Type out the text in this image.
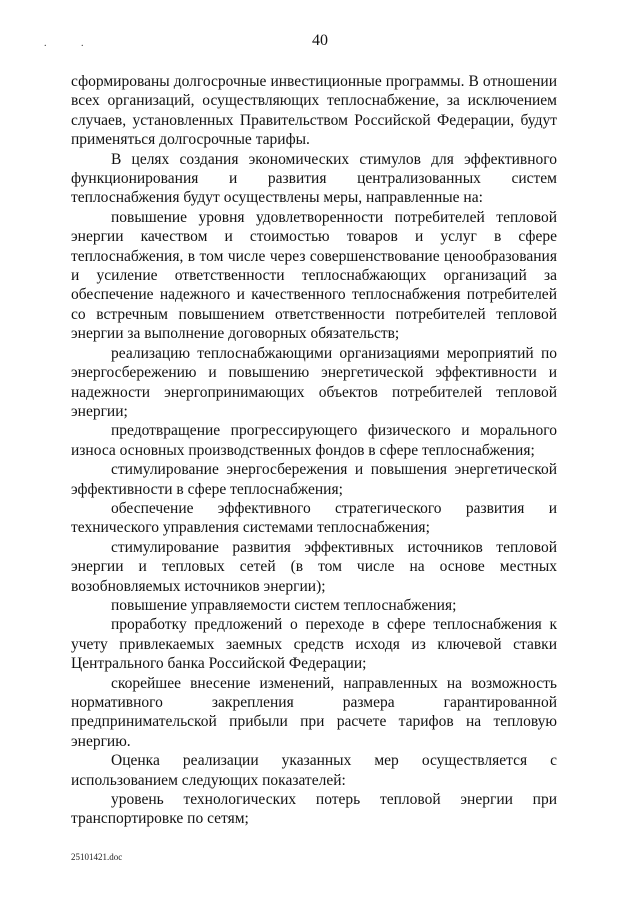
. .	40

сформированы долгосрочные инвестиционные программы. В отношении всех организаций, осуществляющих теплоснабжение, за исключением случаев, установленных Правительством Российской Федерации, будут применяться долгосрочные тарифы.

В целях создания экономических стимулов для эффективного функционирования и развития централизованных систем теплоснабжения будут осуществлены меры, направленные на:

повышение уровня удовлетворенности потребителей тепловой энергии качеством и стоимостью товаров и услуг в сфере теплоснабжения, в том числе через совершенствование ценообразования и усиление ответственности теплоснабжающих организаций за обеспечение надежного и качественного теплоснабжения потребителей со встречным повышением ответственности потребителей тепловой энергии за выполнение договорных обязательств;

реализацию теплоснабжающими организациями мероприятий по энергосбережению и повышению энергетической эффективности и надежности энергопринимающих объектов потребителей тепловой энергии;

предотвращение прогрессирующего физического и морального износа основных производственных фондов в сфере теплоснабжения;

стимулирование энергосбережения и повышения энергетической эффективности в сфере теплоснабжения;

обеспечение эффективного стратегического развития и технического управления системами теплоснабжения;

стимулирование развития эффективных источников тепловой энергии и тепловых сетей (в том числе на основе местных возобновляемых источников энергии);

повышение управляемости систем теплоснабжения;

проработку предложений о переходе в сфере теплоснабжения к учету привлекаемых заемных средств исходя из ключевой ставки Центрального банка Российской Федерации;

скорейшее внесение изменений, направленных на возможность нормативного закрепления размера гарантированной предпринимательской прибыли при расчете тарифов на тепловую энергию.

Оценка реализации указанных мер осуществляется с использованием следующих показателей:

уровень технологических потерь тепловой энергии при транспортировке по сетям;

25101421.doc
